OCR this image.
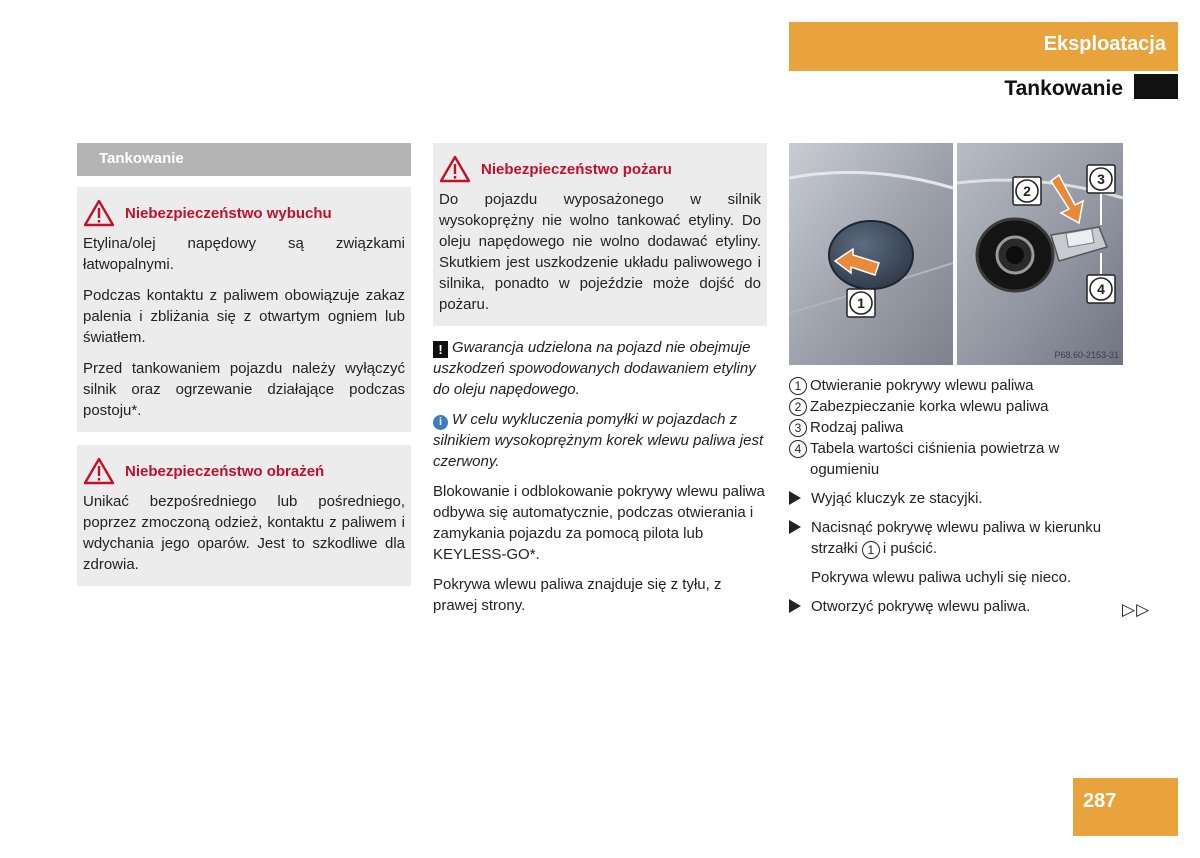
Eksploatacja
Tankowanie
Tankowanie
Niebezpieczeństwo wybuchu

Etylina/olej napędowy są związkami łatwopalnymi.

Podczas kontaktu z paliwem obowiązuje zakaz palenia i zbliżania się z otwartym ogniem lub światłem.

Przed tankowaniem pojazdu należy wyłączyć silnik oraz ogrzewanie działające podczas postoju*.

Niebezpieczeństwo obrażeń

Unikać bezpośredniego lub pośredniego, poprzez zmoczoną odzież, kontaktu z paliwem i wdychania jego oparów. Jest to szkodliwe dla zdrowia.

Niebezpieczeństwo pożaru

Do pojazdu wyposażonego w silnik wysokoprężny nie wolno tankować etyliny. Do oleju napędowego nie wolno dodawać etyliny. Skutkiem jest uszkodzenie układu paliwowego i silnika, ponadto w pojeździe może dojść do pożaru.

! Gwarancja udzielona na pojazd nie obejmuje uszkodzeń spowodowanych dodawaniem etyliny do oleju napędowego.

i W celu wykluczenia pomyłki w pojazdach z silnikiem wysokoprężnym korek wlewu paliwa jest czerwony.

Blokowanie i odblokowanie pokrywy wlewu paliwa odbywa się automatycznie, podczas otwierania i zamykania pojazdu za pomocą pilota lub KEYLESS-GO*.

Pokrywa wlewu paliwa znajduje się z tyłu, z prawej strony.

1
2
3
4
P68.60-2153-31
1 Otwieranie pokrywy wlewu paliwa
2 Zabezpieczanie korka wlewu paliwa
3 Rodzaj paliwa
4 Tabela wartości ciśnienia powietrza w ogumieniu
Wyjąć kluczyk ze stacyjki.
Nacisnąć pokrywę wlewu paliwa w kierunku strzałki 1 i puścić.
Pokrywa wlewu paliwa uchyli się nieco.
Otworzyć pokrywę wlewu paliwa.	▷▷
287
